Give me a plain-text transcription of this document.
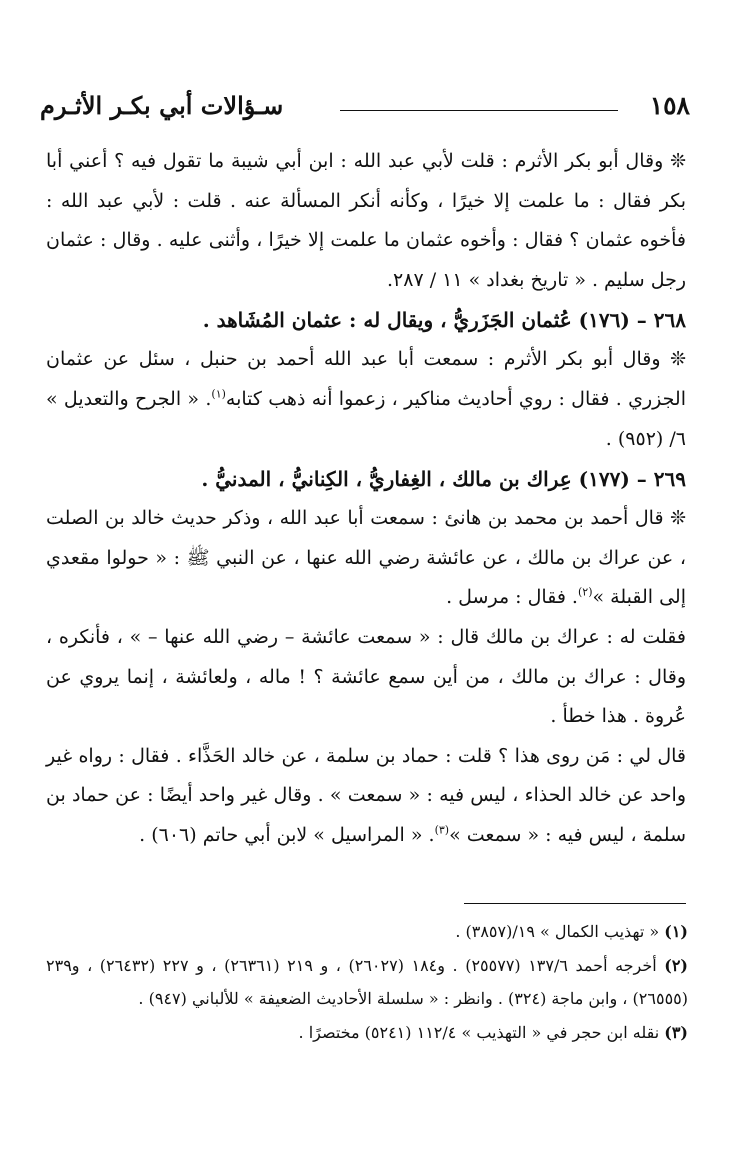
١٥٨
سـؤالات أبي بكـر الأثـرم

❊ وقال أبو بكر الأثرم : قلت لأبي عبد الله : ابن أبي شيبة ما تقول فيه ؟ أعني أبا بكر فقال : ما علمت إلا خيرًا ، وكأنه أنكر المسألة عنه . قلت : لأبي عبد الله : فأخوه عثمان ؟ فقال : وأخوه عثمان ما علمت إلا خيرًا ، وأثنى عليه . وقال : عثمان رجل سليم . « تاريخ بغداد » ١١ / ٢٨٧.

٢٦٨ – (١٧٦) عُثمان الجَزَريُّ ، ويقال له : عثمان المُشَاهد .

❊ وقال أبو بكر الأثرم : سمعت أبا عبد الله أحمد بن حنبل ، سئل عن عثمان الجزري . فقال : روي أحاديث مناكير ، زعموا أنه ذهب كتابه$^{(١)}$. « الجرح والتعديل » ٦/ (٩٥٢) .

٢٦٩ – (١٧٧) عِراك بن مالك ، الغِفاريُّ ، الكِنانيُّ ، المدنيُّ .

❊ قال أحمد بن محمد بن هانئ : سمعت أبا عبد الله ، وذكر حديث خالد بن الصلت ، عن عراك بن مالك ، عن عائشة رضي الله عنها ، عن النبي ﷺ : « حولوا مقعدي إلى القبلة »$^{(٢)}$. فقال : مرسل .

فقلت له : عراك بن مالك قال : « سمعت عائشة – رضي الله عنها – » ، فأنكره ، وقال : عراك بن مالك ، من أين سمع عائشة ؟ ! ماله ، ولعائشة ، إنما يروي عن عُروة . هذا خطأ .

قال لي : مَن روى هذا ؟ قلت : حماد بن سلمة ، عن خالد الحَذَّاء . فقال : رواه غير واحد عن خالد الحذاء ، ليس فيه : « سمعت » . وقال غير واحد أيضًا : عن حماد بن سلمة ، ليس فيه : « سمعت »$^{(٣)}$. « المراسيل » لابن أبي حاتم (٦٠٦) .

(١) « تهذيب الكمال » ١٩/(٣٨٥٧) .

(٢) أخرجه أحمد ١٣٧/٦ (٢٥٥٧٧) . و١٨٤ (٢٦٠٢٧) ، و ٢١٩ (٢٦٣٦١) ، و ٢٢٧ (٢٦٤٣٢) ، و٢٣٩ (٢٦٥٥٥) ، وابن ماجة (٣٢٤) . وانظر : « سلسلة الأحاديث الضعيفة » للألباني (٩٤٧) .

(٣) نقله ابن حجر في « التهذيب » ١١٢/٤ (٥٢٤١) مختصرًا .
